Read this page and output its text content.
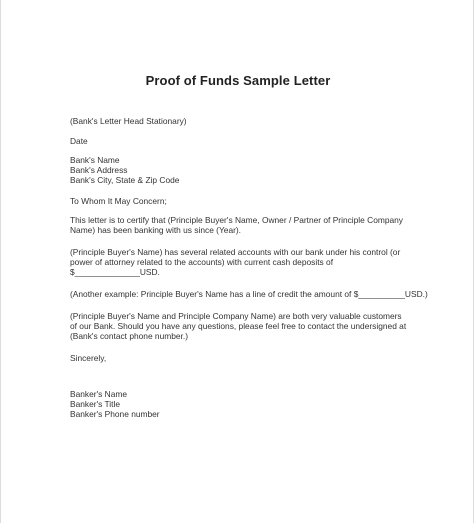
Proof of Funds Sample Letter
(Bank's Letter Head Stationary)
Date
Bank's Name
Bank's Address
Bank's City, State & Zip Code
To Whom It May Concern;
This letter is to certify that (Principle Buyer's Name, Owner / Partner of Principle Company
Name) has been banking with us since (Year).
(Principle Buyer's Name) has several related accounts with our bank under his control (or
power of attorney related to the accounts) with current cash deposits of
$______________USD.
(Another example: Principle Buyer's Name has a line of credit the amount of $__________USD.)
(Principle Buyer's Name and Principle Company Name) are both very valuable customers
of our Bank. Should you have any questions, please feel free to contact the undersigned at
(Bank's contact phone number.)
Sincerely,
Banker's Name
Banker's Title
Banker's Phone number
